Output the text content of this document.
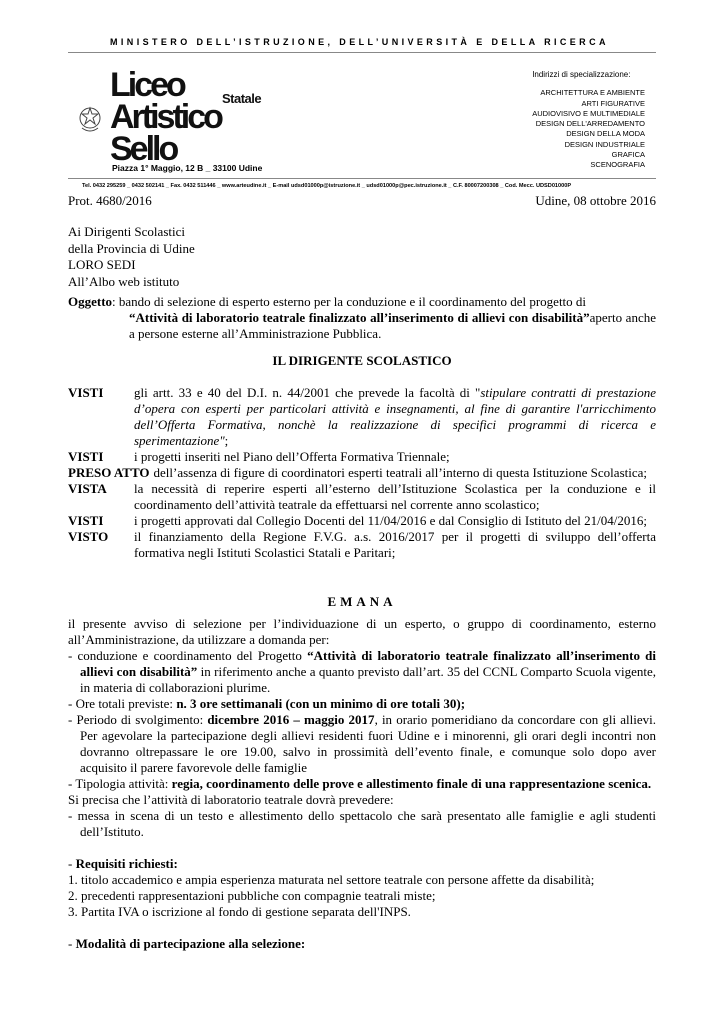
MINISTERO DELL’ISTRUZIONE, DELL’UNIVERSITÀ E DELLA RICERCA
Liceo	Statale
Artistico
Sello
Piazza 1° Maggio, 12 B _ 33100 Udine
Indirizzi di specializzazione:
ARCHITETTURA E AMBIENTE
ARTI FIGURATIVE
AUDIOVISIVO E MULTIMEDIALE
DESIGN DELL'ARREDAMENTO
DESIGN DELLA MODA
DESIGN INDUSTRIALE
GRAFICA
SCENOGRAFIA
Tel. 0432 295259 _ 0432 502141 _ Fax. 0432 511446 _ www.arteudine.it _ E-mail udsd01000p@istruzione.it _ udsd01000p@pec.istruzione.it _ C.F. 80007200308 _ Cod. Mecc. UDSD01000P
Prot. 4680/2016	Udine, 08 ottobre 2016
Ai Dirigenti Scolastici
della Provincia di Udine
LORO SEDI
All’Albo web istituto
Oggetto: bando di selezione di esperto esterno per la conduzione e il coordinamento del progetto di
“Attività di laboratorio teatrale finalizzato all’inserimento di allievi con disabilità”aperto anche a persone esterne all’Amministrazione Pubblica.
IL DIRIGENTE SCOLASTICO
VISTI	gli artt. 33 e 40 del D.I. n. 44/2001 che prevede la facoltà di "stipulare contratti di prestazione d’opera con esperti per particolari attività e insegnamenti, al fine di garantire l'arricchimento dell’Offerta Formativa, nonchè la realizzazione di specifici programmi di ricerca e sperimentazione";
VISTI	i progetti inseriti nel Piano dell’Offerta Formativa Triennale;
PRESO ATTO dell’assenza di figure di coordinatori esperti teatrali all’interno di questa Istituzione Scolastica;
VISTA	la necessità di reperire esperti all’esterno dell’Istituzione Scolastica per la conduzione e il coordinamento dell’attività teatrale da effettuarsi nel corrente anno scolastico;
VISTI	i progetti approvati dal Collegio Docenti del 11/04/2016 e dal Consiglio di Istituto del 21/04/2016;
VISTO	il finanziamento della Regione F.V.G. a.s. 2016/2017 per il progetti di sviluppo dell’offerta formativa negli Istituti Scolastici Statali e Paritari;
EMANA

il presente avviso di selezione per l’individuazione di un esperto, o gruppo di coordinamento, esterno all’Amministrazione, da utilizzare a domanda per:

- conduzione e coordinamento del Progetto “Attività di laboratorio teatrale finalizzato all’inserimento di allievi con disabilità” in riferimento anche a quanto previsto dall’art. 35 del CCNL Comparto Scuola vigente, in materia di collaborazioni plurime.

- Ore totali previste: n. 3 ore settimanali (con un minimo di ore totali 30);

- Periodo di svolgimento: dicembre 2016 – maggio 2017, in orario pomeridiano da concordare con gli allievi. Per agevolare la partecipazione degli allievi residenti fuori Udine e i minorenni, gli orari degli incontri non dovranno oltrepassare le ore 19.00, salvo in prossimità dell’evento finale, e comunque solo dopo aver acquisito il parere favorevole delle famiglie

- Tipologia attività: regia, coordinamento delle prove e allestimento finale di una rappresentazione scenica.

Si precisa che l’attività di laboratorio teatrale dovrà prevedere:

- messa in scena di un testo e allestimento dello spettacolo che sarà presentato alle famiglie e agli studenti dell’Istituto.

- Requisiti richiesti:

1. titolo accademico e ampia esperienza maturata nel settore teatrale con persone affette da disabilità;
2. precedenti rappresentazioni pubbliche con compagnie teatrali miste;
3. Partita IVA o iscrizione al fondo di gestione separata dell'INPS.

- Modalità di partecipazione alla selezione:
